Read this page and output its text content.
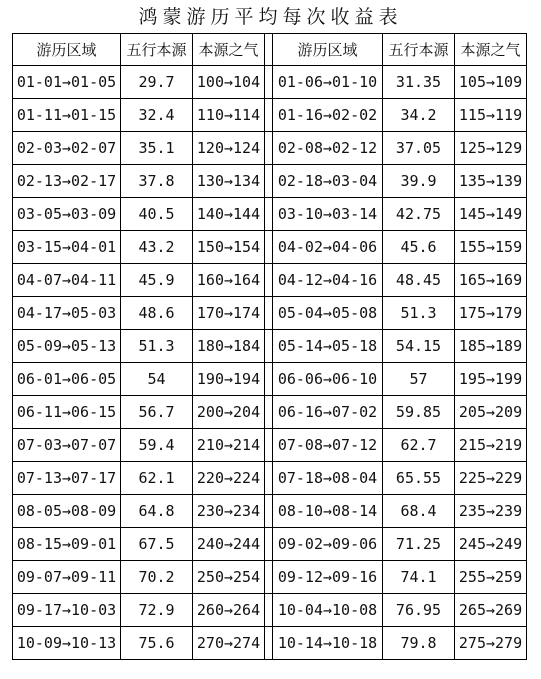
鸿蒙游历平均每次收益表
游历区域	五行本源	本源之气		游历区域	五行本源	本源之气
01-01→01-05	29.7	100→104		01-06→01-10	31.35	105→109
01-11→01-15	32.4	110→114		01-16→02-02	34.2	115→119
02-03→02-07	35.1	120→124		02-08→02-12	37.05	125→129
02-13→02-17	37.8	130→134		02-18→03-04	39.9	135→139
03-05→03-09	40.5	140→144		03-10→03-14	42.75	145→149
03-15→04-01	43.2	150→154		04-02→04-06	45.6	155→159
04-07→04-11	45.9	160→164		04-12→04-16	48.45	165→169
04-17→05-03	48.6	170→174		05-04→05-08	51.3	175→179
05-09→05-13	51.3	180→184		05-14→05-18	54.15	185→189
06-01→06-05	54	190→194		06-06→06-10	57	195→199
06-11→06-15	56.7	200→204		06-16→07-02	59.85	205→209
07-03→07-07	59.4	210→214		07-08→07-12	62.7	215→219
07-13→07-17	62.1	220→224		07-18→08-04	65.55	225→229
08-05→08-09	64.8	230→234		08-10→08-14	68.4	235→239
08-15→09-01	67.5	240→244		09-02→09-06	71.25	245→249
09-07→09-11	70.2	250→254		09-12→09-16	74.1	255→259
09-17→10-03	72.9	260→264		10-04→10-08	76.95	265→269
10-09→10-13	75.6	270→274		10-14→10-18	79.8	275→279
